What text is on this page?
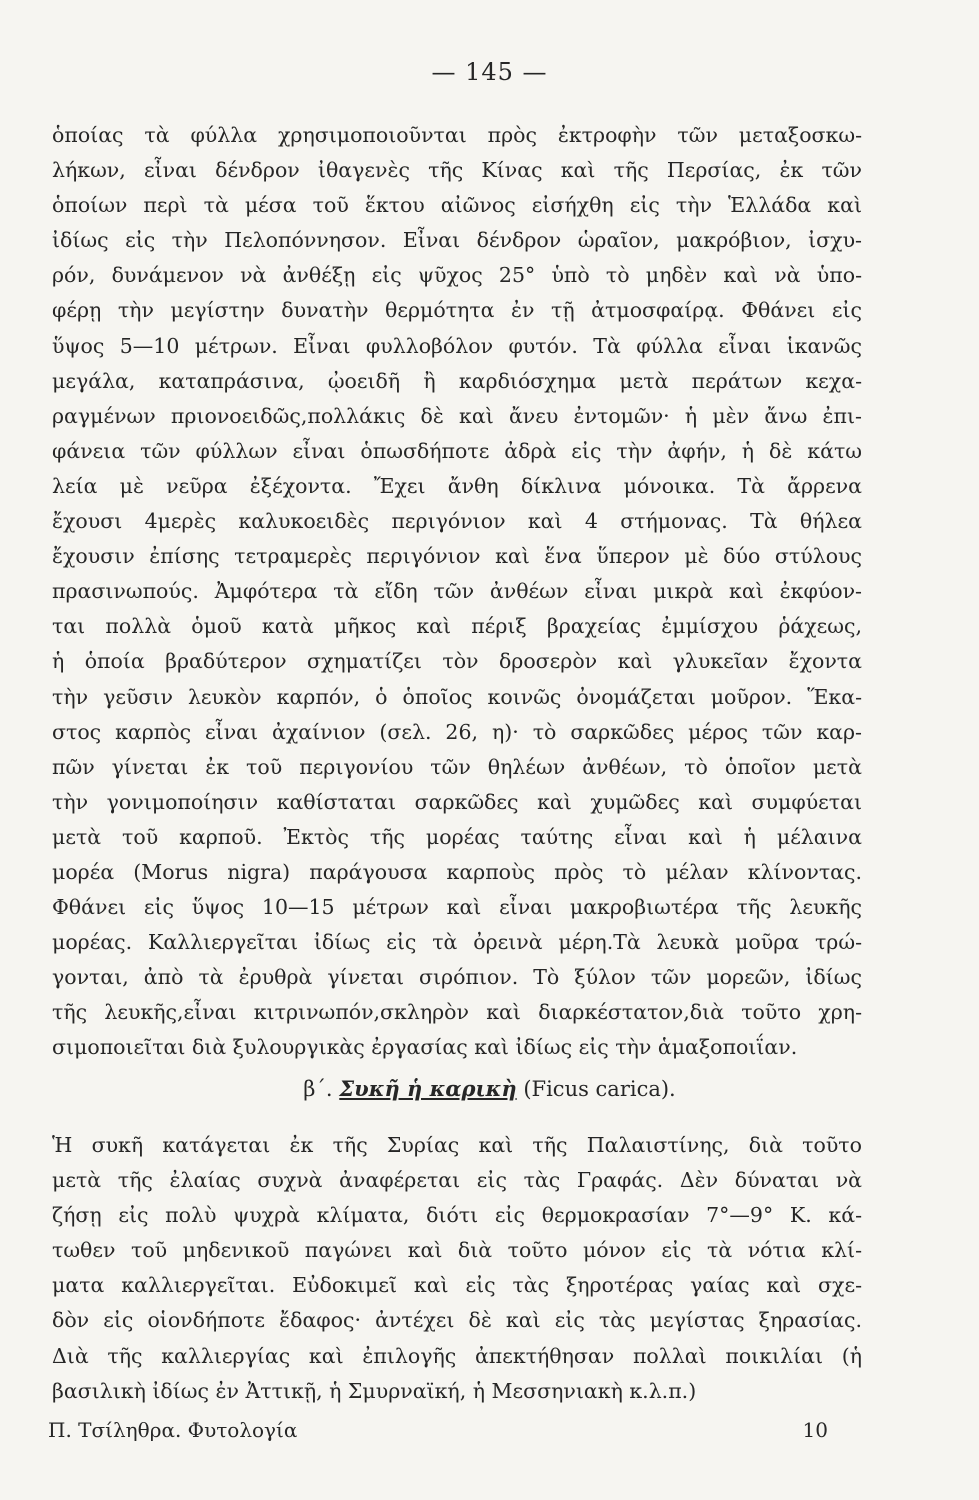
— 145 —
ὁποίας τὰ φύλλα χρησιμοποιοῦνται πρὸς ἐκτροφὴν τῶν μεταξοσκω-
λήκων, εἶναι δένδρον ἰθαγενὲς τῆς Κίνας καὶ τῆς Περσίας, ἐκ τῶν
ὁποίων περὶ τὰ μέσα τοῦ ἕκτου αἰῶνος εἰσήχθη εἰς τὴν Ἑλλάδα καὶ
ἰδίως εἰς τὴν Πελοπόννησον. Εἶναι δένδρον ὡραῖον, μακρόβιον, ἰσχυ-
ρόν, δυνάμενον νὰ ἀνθέξῃ εἰς ψῦχος 25° ὑπὸ τὸ μηδὲν καὶ νὰ ὑπο-
φέρῃ τὴν μεγίστην δυνατὴν θερμότητα ἐν τῇ ἀτμοσφαίρᾳ. Φθάνει εἰς
ὕψος 5—10 μέτρων. Εἶναι φυλλοβόλον φυτόν. Τὰ φύλλα εἶναι ἱκανῶς
μεγάλα, καταπράσινα, ᾠοειδῆ ἢ καρδιόσχημα μετὰ περάτων κεχα-
ραγμένων πριονοειδῶς,πολλάκις δὲ καὶ ἄνευ ἐντομῶν· ἡ μὲν ἄνω ἐπι-
φάνεια τῶν φύλλων εἶναι ὁπωσδήποτε ἀδρὰ εἰς τὴν ἀφήν, ἡ δὲ κάτω
λεία μὲ νεῦρα ἐξέχοντα. Ἔχει ἄνθη δίκλινα μόνοικα. Τὰ ἄρρενα
ἔχουσι 4μερὲς καλυκοειδὲς περιγόνιον καὶ 4 στήμονας. Τὰ θήλεα
ἔχουσιν ἐπίσης τετραμερὲς περιγόνιον καὶ ἕνα ὕπερον μὲ δύο στύλους
πρασινωπούς. Ἀμφότερα τὰ εἴδη τῶν ἀνθέων εἶναι μικρὰ καὶ ἐκφύον-
ται πολλὰ ὁμοῦ κατὰ μῆκος καὶ πέριξ βραχείας ἐμμίσχου ῥάχεως,
ἡ ὁποία βραδύτερον σχηματίζει τὸν δροσερὸν καὶ γλυκεῖαν ἔχοντα
τὴν γεῦσιν λευκὸν καρπόν, ὁ ὁποῖος κοινῶς ὀνομάζεται μοῦρον. Ἕκα-
στος καρπὸς εἶναι ἀχαίνιον (σελ. 26, η)· τὸ σαρκῶδες μέρος τῶν καρ-
πῶν γίνεται ἐκ τοῦ περιγονίου τῶν θηλέων ἀνθέων, τὸ ὁποῖον μετὰ
τὴν γονιμοποίησιν καθίσταται σαρκῶδες καὶ χυμῶδες καὶ συμφύεται
μετὰ τοῦ καρποῦ. Ἐκτὸς τῆς μορέας ταύτης εἶναι καὶ ἡ μέλαινα
μορέα (Morus nigra) παράγουσα καρποὺς πρὸς τὸ μέλαν κλίνοντας.
Φθάνει εἰς ὕψος 10—15 μέτρων καὶ εἶναι μακροβιωτέρα τῆς λευκῆς
μορέας. Καλλιεργεῖται ἰδίως εἰς τὰ ὀρεινὰ μέρη.Τὰ λευκὰ μοῦρα τρώ-
γονται, ἀπὸ τὰ ἐρυθρὰ γίνεται σιρόπιον. Τὸ ξύλον τῶν μορεῶν, ἰδίως
τῆς λευκῆς,εἶναι κιτρινωπόν,σκληρὸν καὶ διαρκέστατον,διὰ τοῦτο χρη-
σιμοποιεῖται διὰ ξυλουργικὰς ἐργασίας καὶ ἰδίως εἰς τὴν ἁμαξοποιΐαν.
β΄. Συκῆ ἡ καρικὴ (Ficus carica).
Ἡ συκῆ κατάγεται ἐκ τῆς Συρίας καὶ τῆς Παλαιστίνης, διὰ τοῦτο
μετὰ τῆς ἐλαίας συχνὰ ἀναφέρεται εἰς τὰς Γραφάς. Δὲν δύναται νὰ
ζήσῃ εἰς πολὺ ψυχρὰ κλίματα, διότι εἰς θερμοκρασίαν 7°—9° Κ. κά-
τωθεν τοῦ μηδενικοῦ παγώνει καὶ διὰ τοῦτο μόνον εἰς τὰ νότια κλί-
ματα καλλιεργεῖται. Εὐδοκιμεῖ καὶ εἰς τὰς ξηροτέρας γαίας καὶ σχε-
δὸν εἰς οἱονδήποτε ἔδαφος· ἀντέχει δὲ καὶ εἰς τὰς μεγίστας ξηρασίας.
Διὰ τῆς καλλιεργίας καὶ ἐπιλογῆς ἀπεκτήθησαν πολλαὶ ποικιλίαι (ἡ
βασιλικὴ ἰδίως ἐν Ἀττικῇ, ἡ Σμυρναϊκή, ἡ Μεσσηνιακὴ κ.λ.π.)
Π. Τσίληθρα. Φυτολογία	10
